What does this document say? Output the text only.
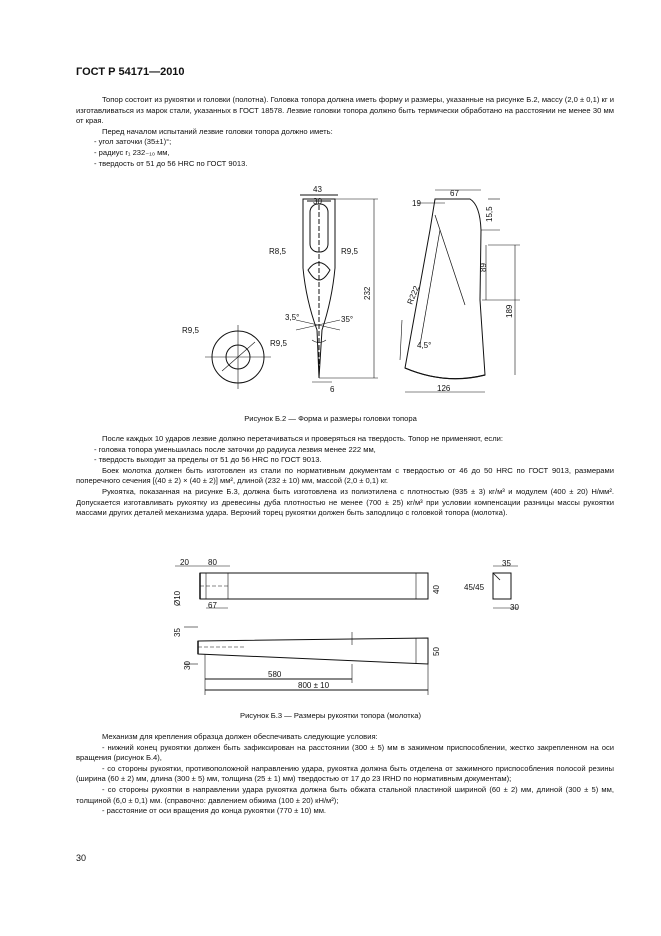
ГОСТ Р 54171—2010

Топор состоит из рукоятки и головки (полотна). Головка топора должна иметь форму и размеры, указанные на рисунке Б.2, массу (2,0 ± 0,1) кг и изготавливаться из марок стали, указанных в ГОСТ 18578. Лезвие головки топора должно быть термически обработано на расстоянии не менее 30 мм от края.

Перед началом испытаний лезвие головки топора должно иметь:

- угол заточки (35±1)°;

- радиус r₁ 232₋₁₀ мм,

- твердость от 51 до 56 HRC по ГОСТ 9013.

43
30
R8,5	R9,5
232
3,5°	35°
6
R9,5
R9,5
67
19
15,5
89
189
R222
4,5°
126
Рисунок Б.2 — Форма и размеры головки топора

После каждых 10 ударов лезвие должно перетачиваться и проверяться на твердость. Топор не применяют, если:

- головка топора уменьшилась после заточки до радиуса лезвия менее 222 мм,

- твердость выходит за пределы от 51 до 56 HRC по ГОСТ 9013.

Боек молотка должен быть изготовлен из стали по нормативным документам с твердостью от 46 до 50 HRC по ГОСТ 9013, размерами поперечного сечения [(40 ± 2) × (40 ± 2)] мм², длиной (232 ± 10) мм, массой (2,0 ± 0,1) кг.

Рукоятка, показанная на рисунке Б.3, должна быть изготовлена из полиэтилена с плотностью (935 ± 3) кг/м³ и модулем (400 ± 20) Н/мм². Допускается изготавливать рукоятку из древесины дуба плотностью не менее (700 ± 25) кг/м³ при условии компенсации разницы массы рукоятки массами других деталей механизма удара. Верхний торец рукоятки должен быть заподлицо с головкой топора (молотка).

20 80
Ø10	67
40
35
45/45
30
35
30
50
580
800 ± 10
Рисунок Б.3 — Размеры рукоятки топора (молотка)

Механизм для крепления образца должен обеспечивать следующие условия:

- нижний конец рукоятки должен быть зафиксирован на расстоянии (300 ± 5) мм в зажимном приспособлении, жестко закрепленном на оси вращения (рисунок Б.4),

- со стороны рукоятки, противоположной направлению удара, рукоятка должна быть отделена от зажимного приспособления полосой резины (ширина (60 ± 2) мм, длина (300 ± 5) мм, толщина (25 ± 1) мм) твердостью от 17 до 23 IRHD по нормативным документам);

- со стороны рукоятки в направлении удара рукоятка должна быть обжата стальной пластиной шириной (60 ± 2) мм, длиной (300 ± 5) мм, толщиной (6,0 ± 0,1) мм. (справочно: давлением обжима (100 ± 20) кН/м²);

- расстояние от оси вращения до конца рукоятки (770 ± 10) мм.

30
